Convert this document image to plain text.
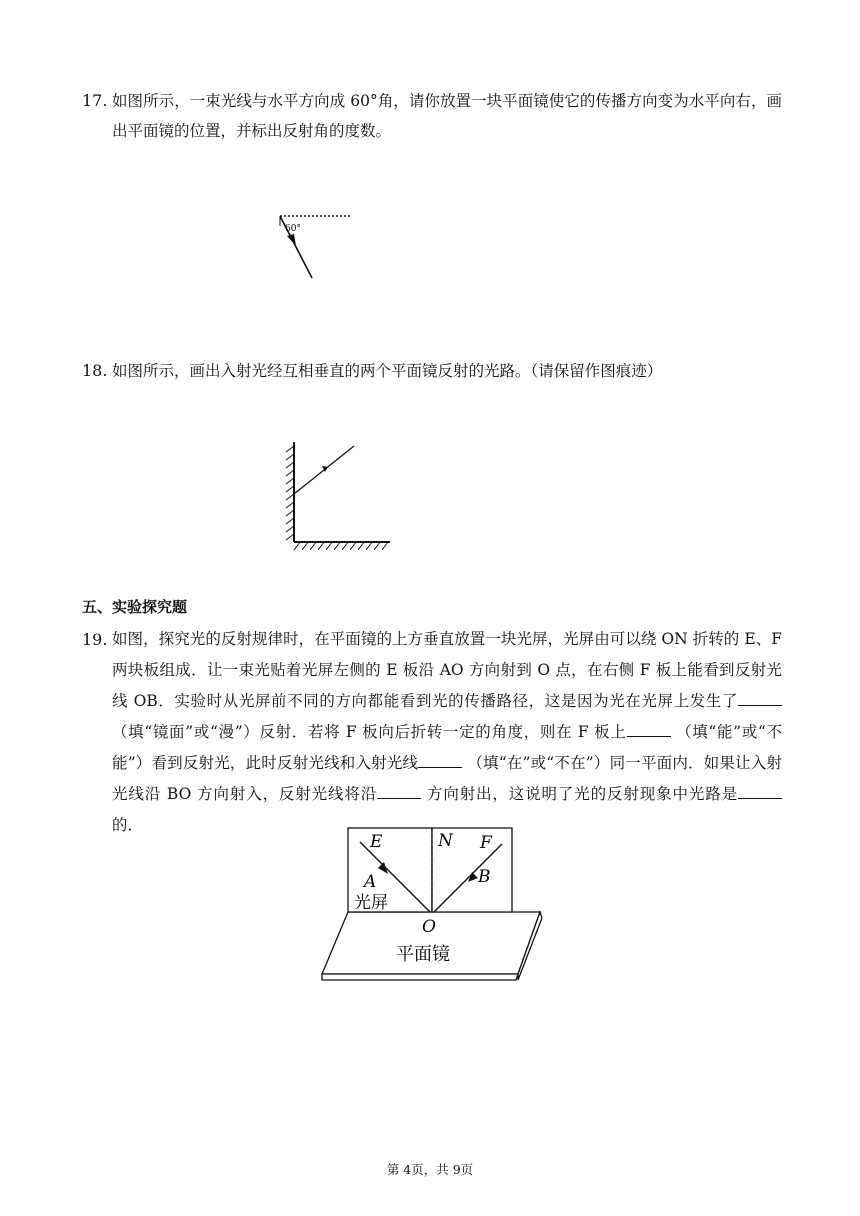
17. 如图所示，一束光线与水平方向成 60°角，请你放置一块平面镜使它的传播方向变为水平向右，画出平面镜的位置，并标出反射角的度数。
60°
18. 如图所示，画出入射光经互相垂直的两个平面镜反射的光路。（请保留作图痕迹）
五、实验探究题
19. 如图，探究光的反射规律时，在平面镜的上方垂直放置一块光屏，光屏由可以绕 ON 折转的 E、F 两块板组成．让一束光贴着光屏左侧的 E 板沿 AO 方向射到 O 点，在右侧 F 板上能看到反射光线 OB．实验时从光屏前不同的方向都能看到光的传播路径，这是因为光在光屏上发生了 （填“镜面”或“漫”）反射．若将 F 板向后折转一定的角度，则在 F 板上	（填“能”或“不能”）看到反射光，此时反射光线和入射光线	（填“在”或“不在”）同一平面内．如果让入射光线沿 BO 方向射入，反射光线将沿	方向射出，这说明了光的反射现象中光路是 的．
E	N F
A	B
O
光屏
平面镜
第 4页，共 9页
